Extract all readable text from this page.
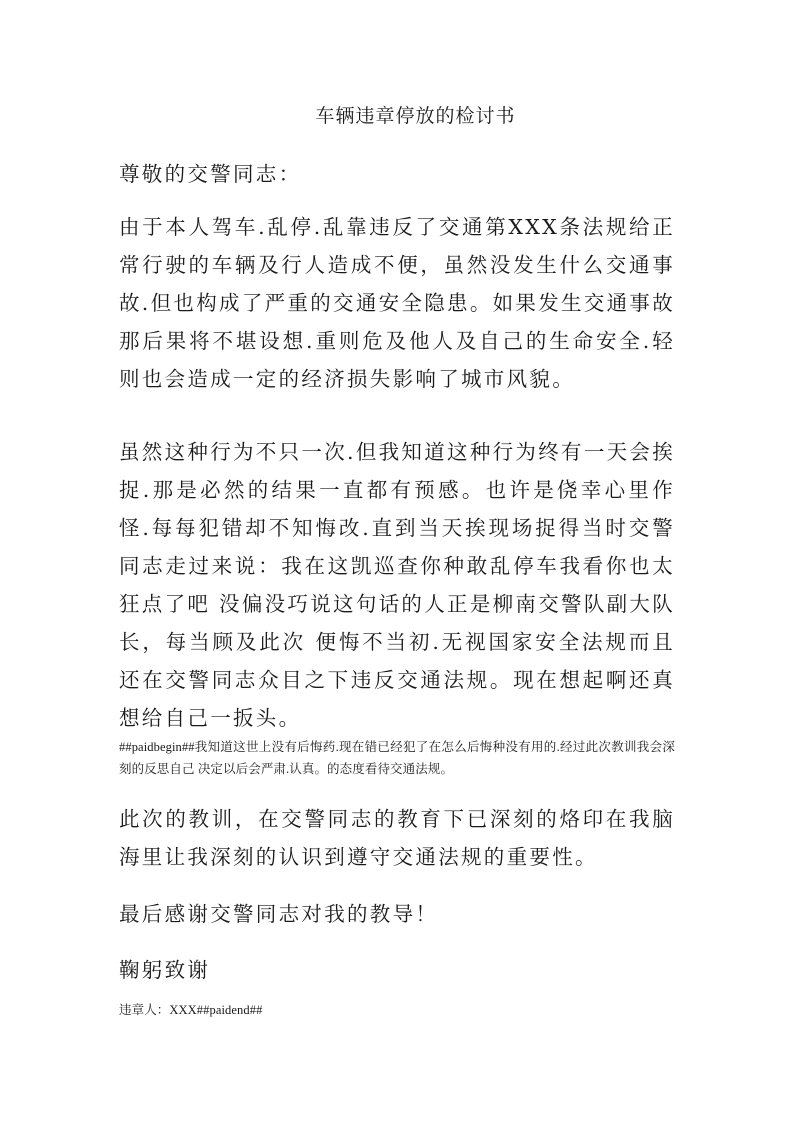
车辆违章停放的检讨书
尊敬的交警同志：
由于本人驾车.乱停.乱靠违反了交通第XXX条法规给正常行驶的车辆及行人造成不便，虽然没发生什么交通事故.但也构成了严重的交通安全隐患。如果发生交通事故那后果将不堪设想.重则危及他人及自己的生命安全.轻则也会造成一定的经济损失影响了城市风貌。
虽然这种行为不只一次.但我知道这种行为终有一天会挨捉.那是必然的结果一直都有预感。也许是侥幸心里作怪.每每犯错却不知悔改.直到当天挨现场捉得当时交警同志走过来说：我在这凯巡查你种敢乱停车我看你也太狂点了吧 没偏没巧说这句话的人正是柳南交警队副大队长，每当顾及此次 便悔不当初.无视国家安全法规而且还在交警同志众目之下违反交通法规。现在想起啊还真想给自己一扳头。
##paidbegin##我知道这世上没有后悔药.现在错已经犯了在怎么后悔种没有用的.经过此次教训我会深刻的反思自己 决定以后会严肃.认真。的态度看待交通法规。
此次的教训，在交警同志的教育下已深刻的烙印在我脑海里让我深刻的认识到遵守交通法规的重要性。
最后感谢交警同志对我的教导！
鞠躬致谢
违章人：XXX##paidend##
